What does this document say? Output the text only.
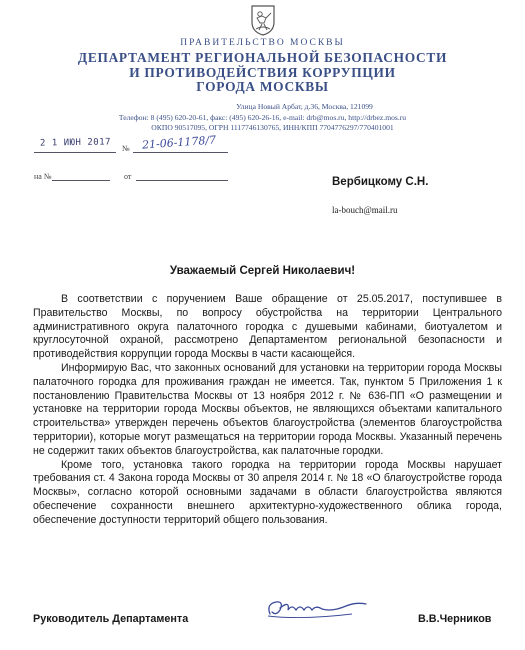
ПРАВИТЕЛЬСТВО МОСКВЫ
ДЕПАРТАМЕНТ РЕГИОНАЛЬНОЙ БЕЗОПАСНОСТИ
И ПРОТИВОДЕЙСТВИЯ КОРРУПЦИИ
ГОРОДА МОСКВЫ
Улица Новый Арбат, д.36, Москва, 121099
Телефон: 8 (495) 620-20-61, факс: (495) 620-26-16, e-mail: drb@mos.ru, http://drbez.mos.ru
ОКПО 90517095, ОГРН 1117746130765, ИНН/КПП 7704776297/770401001
2 1 ИЮН 2017 № 21-06-1178/7
на №	от	Вербицкому С.Н.
la-bouch@mail.ru
Уважаемый Сергей Николаевич!

В соответствии с поручением Ваше обращение от 25.05.2017, поступившее в Правительство Москвы, по вопросу обустройства на территории Центрального административного округа палаточного городка с душевыми кабинами, биотуалетом и круглосуточной охраной, рассмотрено Департаментом региональной безопасности и противодействия коррупции города Москвы в части касающейся.

Информирую Вас, что законных оснований для установки на территории города Москвы палаточного городка для проживания граждан не имеется. Так, пунктом 5 Приложения 1 к постановлению Правительства Москвы от 13 ноября 2012 г. № 636-ПП «О размещении и установке на территории города Москвы объектов, не являющихся объектами капитального строительства» утвержден перечень объектов благоустройства (элементов благоустройства территории), которые могут размещаться на территории города Москвы. Указанный перечень не содержит таких объектов благоустройства, как палаточные городки.

Кроме того, установка такого городка на территории города Москвы нарушает требования ст. 4 Закона города Москвы от 30 апреля 2014 г. № 18 «О благоустройстве города Москвы», согласно которой основными задачами в области благоустройства являются обеспечение сохранности внешнего архитектурно-художественного облика города, обеспечение доступности территорий общего пользования.

Руководитель Департамента	В.В.Черников
